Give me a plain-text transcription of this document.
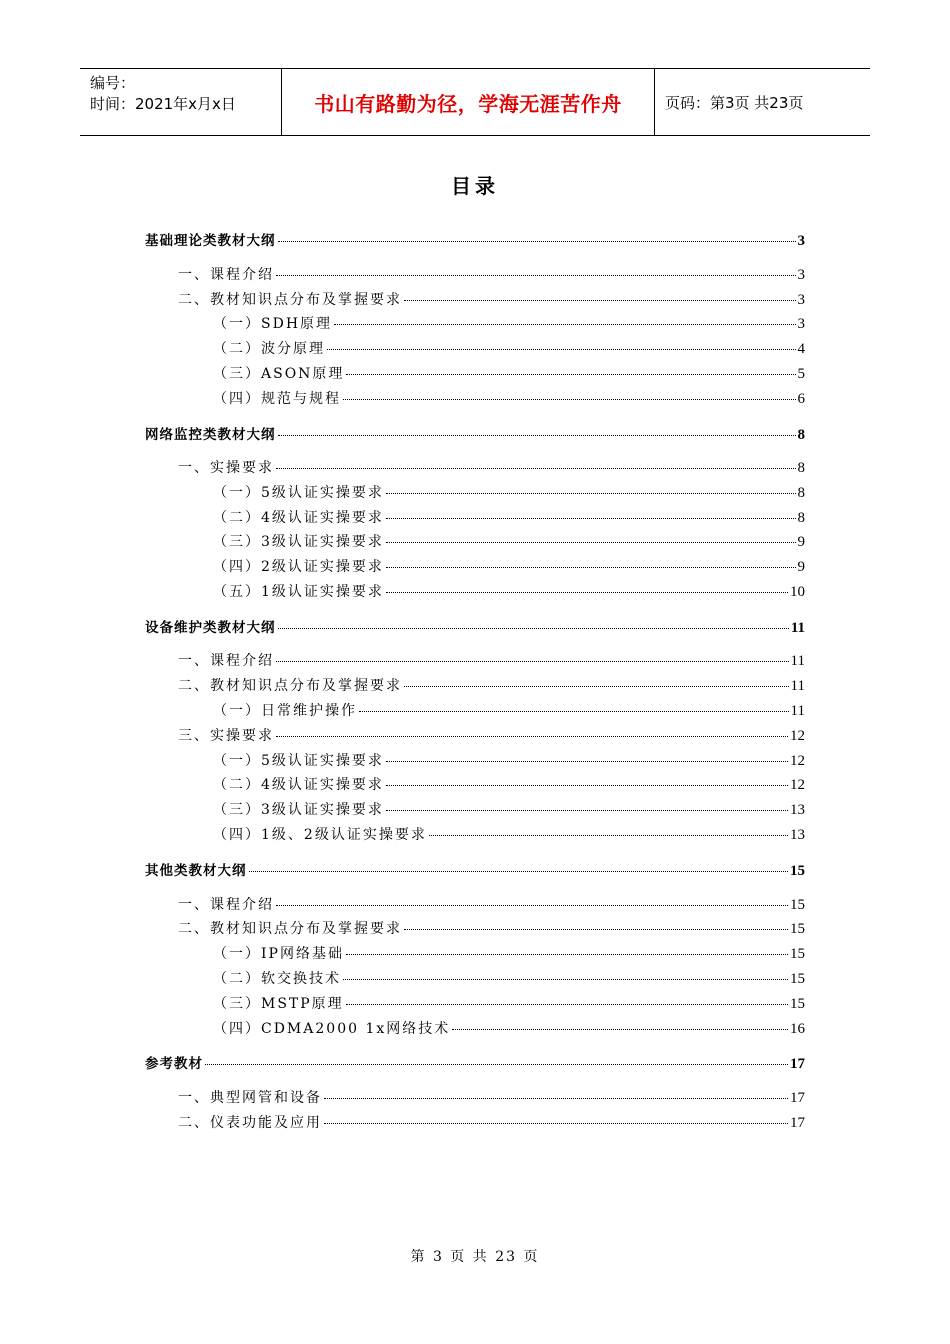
编号：
时间：2021年x月x日	书山有路勤为径，学海无涯苦作舟	页码：第3页 共23页
目录
基础理论类教材大纲	3
一、课程介绍	3
二、教材知识点分布及掌握要求	3
（一）SDH原理	3
（二）波分原理	4
（三）ASON原理	5
（四）规范与规程	6
网络监控类教材大纲	8
一、实操要求	8
（一）5级认证实操要求	8
（二）4级认证实操要求	8
（三）3级认证实操要求	9
（四）2级认证实操要求	9
（五）1级认证实操要求	10
设备维护类教材大纲	11
一、课程介绍	11
二、教材知识点分布及掌握要求	11
（一）日常维护操作	11
三、实操要求	12
（一）5级认证实操要求	12
（二）4级认证实操要求	12
（三）3级认证实操要求	13
（四）1级、2级认证实操要求	13
其他类教材大纲	15
一、课程介绍	15
二、教材知识点分布及掌握要求	15
（一）IP网络基础	15
（二）软交换技术	15
（三）MSTP原理	15
（四）CDMA2000 1x网络技术	16
参考教材	17
一、典型网管和设备	17
二、仪表功能及应用	17
第 3 页 共 23 页
